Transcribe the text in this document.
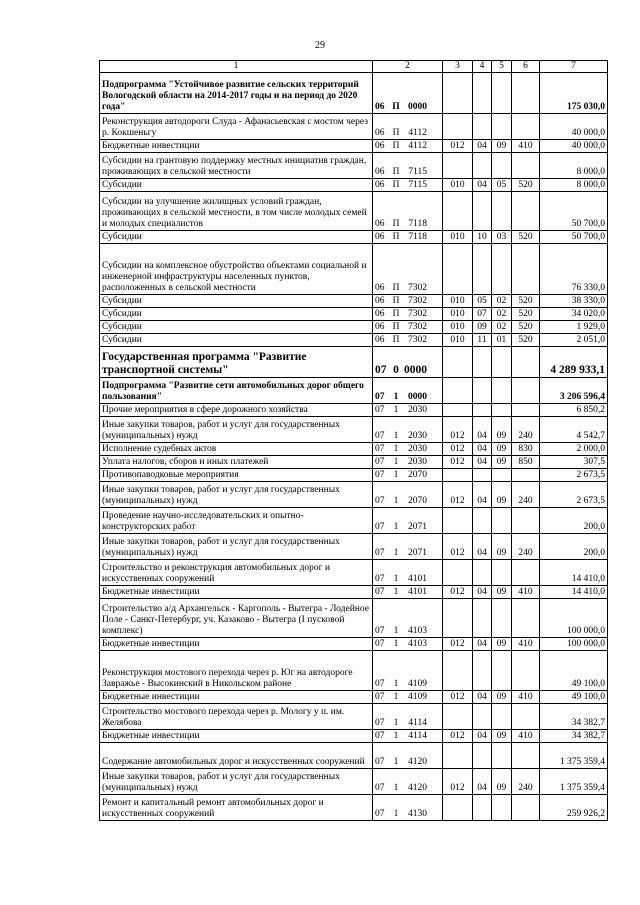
29
1	2	3	4	5	6	7
Подпрограмма "Устойчивое развитие сельских территорий Вологодской области на 2014-2017 годы и на период до 2020 года"	06 П 0000					175 030,0
Реконструкция автодороги Слуда - Афанасьевская с мостом через р. Кокшеньгу	06 П 4112					40 000,0
Бюджетные инвестиции	06 П 4112	012	04	09	410	40 000,0
Субсидии на грантовую поддержку местных инициатив граждан, проживающих в сельской местности	06 П 7115					8 000,0
Субсидии	06 П 7115	010	04	05	520	8 000,0
Субсидии на улучшение жилищных условий граждан, проживающих в сельской местности, в том числе молодых семей и молодых специалистов	06 П 7118					50 700,0
Субсидии	06 П 7118	010	10	03	520	50 700,0
Субсидии на комплексное обустройство объектами социальной и инженерной инфраструктуры населенных пунктов, расположенных в сельской местности	06 П 7302					76 330,0
Субсидии	06 П 7302	010	05	02	520	38 330,0
Субсидии	06 П 7302	010	07	02	520	34 020,0
Субсидии	06 П 7302	010	09	02	520	1 929,0
Субсидии	06 П 7302	010	11	01	520	2 051,0
Государственная программа "Развитие транспортной системы"	07 0 0000					4 289 933,1
Подпрограмма "Развитие сети автомобильных дорог общего пользования"	07 1 0000					3 206 596,4
Прочие мероприятия в сфере дорожного хозяйства	07 1 2030					6 850,2
Иные закупки товаров, работ и услуг для государственных (муниципальных) нужд	07 1 2030	012	04	09	240	4 542,7
Исполнение судебных актов	07 1 2030	012	04	09	830	2 000,0
Уплата налогов, сборов и иных платежей	07 1 2030	012	04	09	850	307,5
Противопаводковые мероприятия	07 1 2070					2 673,5
Иные закупки товаров, работ и услуг для государственных (муниципальных) нужд	07 1 2070	012	04	09	240	2 673,5
Проведение научно-исследовательских и опытно-конструкторских работ	07 1 2071					200,0
Иные закупки товаров, работ и услуг для государственных (муниципальных) нужд	07 1 2071	012	04	09	240	200,0
Строительство и реконструкция автомобильных дорог и искусственных сооружений	07 1 4101					14 410,0
Бюджетные инвестиции	07 1 4101	012	04	09	410	14 410,0
Строительство а/д Архангельск - Каргополь - Вытегра - Лодейное Поле - Санкт-Петербург, уч. Казаково - Вытегра (I пусковой комплекс)	07 1 4103					100 000,0
Бюджетные инвестиции	07 1 4103	012	04	09	410	100 000,0
Реконструкция мостового перехода через р. Юг на автодороге Завражье - Высокинский в Никольском районе	07 1 4109					49 100,0
Бюджетные инвестиции	07 1 4109	012	04	09	410	49 100,0
Строительство мостового перехода через р. Мологу у п. им. Желябова	07 1 4114					34 382,7
Бюджетные инвестиции	07 1 4114	012	04	09	410	34 382,7
Содержание автомобильных дорог и искусственных сооружений	07 1 4120					1 375 359,4
Иные закупки товаров, работ и услуг для государственных (муниципальных) нужд	07 1 4120	012	04	09	240	1 375 359,4
Ремонт и капитальный ремонт автомобильных дорог и искусственных сооружений	07 1 4130					259 926,2
